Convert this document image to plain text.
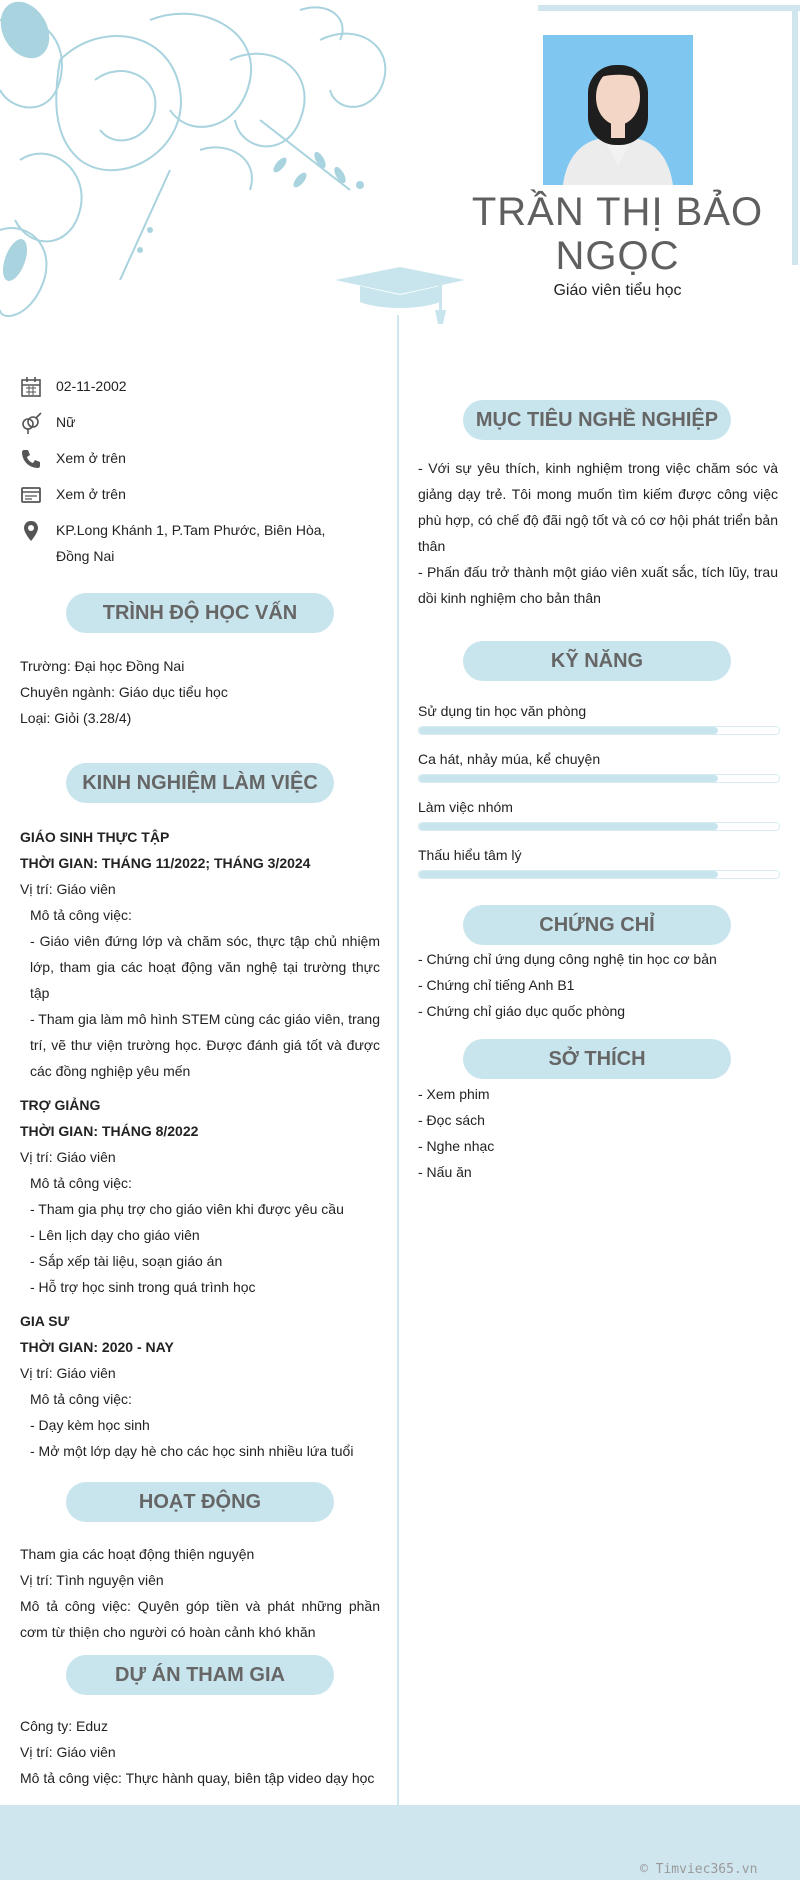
TRẦN THỊ BẢO NGỌC
Giáo viên tiểu học
02-11-2002
Nữ
Xem ở trên
Xem ở trên
KP.Long Khánh 1, P.Tam Phước, Biên Hòa, Đồng Nai
TRÌNH ĐỘ HỌC VẤN
Trường: Đại học Đồng Nai
Chuyên ngành: Giáo dục tiểu học
Loại: Giỏi (3.28/4)
KINH NGHIỆM LÀM VIỆC
GIÁO SINH THỰC TẬP
THỜI GIAN: THÁNG 11/2022; THÁNG 3/2024
Vị trí: Giáo viên
Mô tả công việc:
- Giáo viên đứng lớp và chăm sóc, thực tập chủ nhiệm lớp, tham gia các hoạt động văn nghệ tại trường thực tập
- Tham gia làm mô hình STEM cùng các giáo viên, trang trí, vẽ thư viện trường học. Được đánh giá tốt và được các đồng nghiệp yêu mến
TRỢ GIẢNG
THỜI GIAN: THÁNG 8/2022
Vị trí: Giáo viên
Mô tả công việc:
- Tham gia phụ trợ cho giáo viên khi được yêu cầu
- Lên lịch dạy cho giáo viên
- Sắp xếp tài liệu, soạn giáo án
- Hỗ trợ học sinh trong quá trình học
GIA SƯ
THỜI GIAN: 2020 - NAY
Vị trí: Giáo viên
Mô tả công việc:
- Dạy kèm học sinh
- Mở một lớp dạy hè cho các học sinh nhiều lứa tuổi
HOẠT ĐỘNG
Tham gia các hoạt động thiện nguyện
Vị trí: Tình nguyện viên
Mô tả công việc: Quyên góp tiền và phát những phần cơm từ thiện cho người có hoàn cảnh khó khăn
DỰ ÁN THAM GIA
Công ty: Eduz
Vị trí: Giáo viên
Mô tả công việc: Thực hành quay, biên tập video dạy học
MỤC TIÊU NGHỀ NGHIỆP
- Với sự yêu thích, kinh nghiệm trong việc chăm sóc và giảng dạy trẻ. Tôi mong muốn tìm kiếm được công việc phù hợp, có chế độ đãi ngộ tốt và có cơ hội phát triển bản thân
- Phấn đấu trở thành một giáo viên xuất sắc, tích lũy, trau dồi kinh nghiệm cho bản thân
KỸ NĂNG
Sử dụng tin học văn phòng
Ca hát, nhảy múa, kể chuyện
Làm việc nhóm
Thấu hiểu tâm lý
CHỨNG CHỈ
- Chứng chỉ ứng dụng công nghệ tin học cơ bản
- Chứng chỉ tiếng Anh B1
- Chứng chỉ giáo dục quốc phòng
SỞ THÍCH
- Xem phim
- Đọc sách
- Nghe nhạc
- Nấu ăn
© Timviec365.vn
